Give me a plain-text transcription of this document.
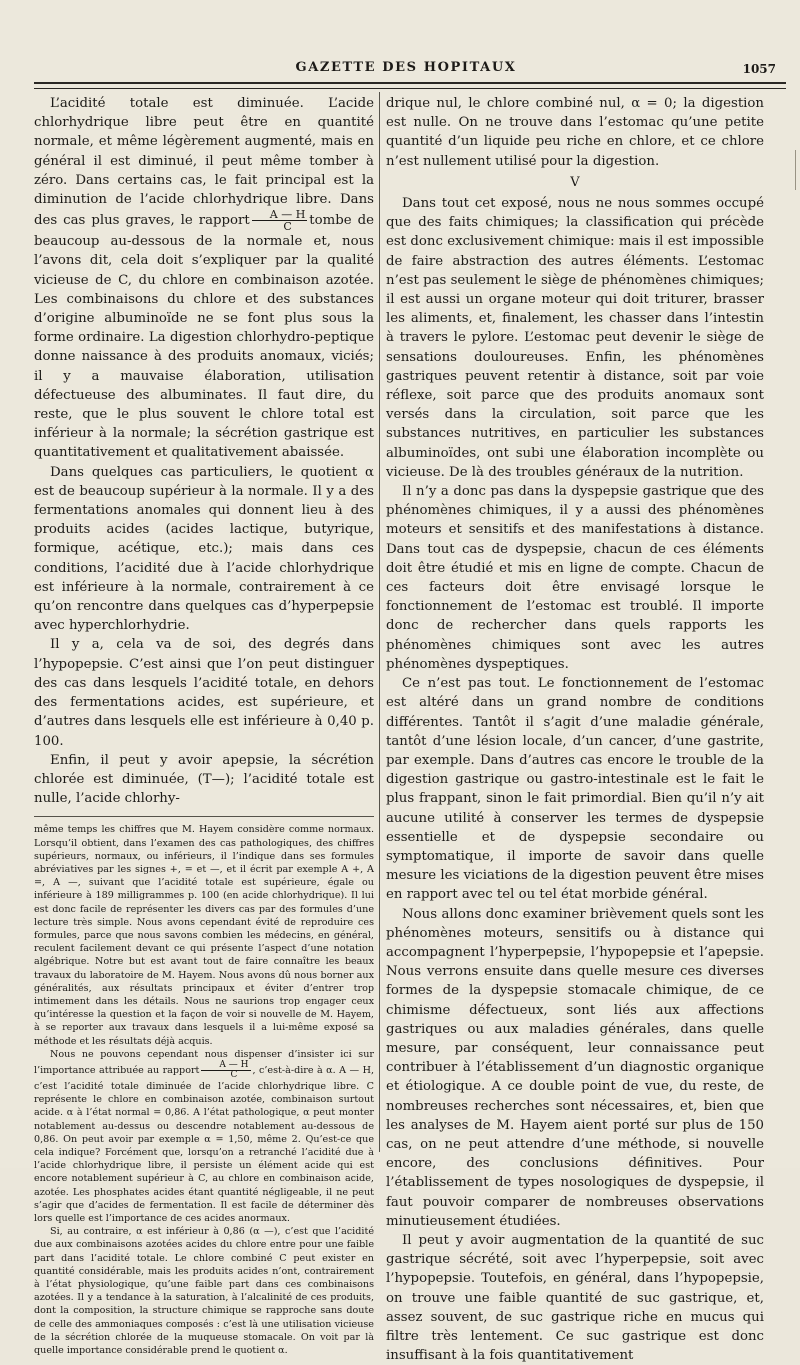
GAZETTE DES HOPITAUX	1057

L’acidité totale est diminuée. L’acide chlorhydrique libre peut être en quantité normale, et même légèrement augmenté, mais en général il est diminué, il peut même tomber à zéro. Dans certains cas, le fait principal est la diminution de l’acide chlorhydrique libre. Dans des cas plus graves, le rapport $\frac{A — H}{C}$ tombe de beaucoup au-dessous de la normale et, nous l’avons dit, cela doit s’expliquer par la qualité vicieuse de C, du chlore en combinaison azotée. Les combinaisons du chlore et des substances d’origine albuminoïde ne se font plus sous la forme ordinaire. La digestion chlorhydro-peptique donne naissance à des produits anomaux, viciés; il y a mauvaise élaboration, utilisation défectueuse des albuminates. Il faut dire, du reste, que le plus souvent le chlore total est inférieur à la normale; la sécrétion gastrique est quantitativement et qualitativement abaissée.

Dans quelques cas particuliers, le quotient α est de beaucoup supérieur à la normale. Il y a des fermentations anomales qui donnent lieu à des produits acides (acides lactique, butyrique, formique, acétique, etc.); mais dans ces conditions, l’acidité due à l’acide chlorhydrique est inférieure à la normale, contrairement à ce qu’on rencontre dans quelques cas d’hyperpepsie avec hyperchlorhydrie.

Il y a, cela va de soi, des degrés dans l’hypopepsie. C’est ainsi que l’on peut distinguer des cas dans lesquels l’acidité totale, en dehors des fermentations acides, est supérieure, et d’autres dans lesquels elle est inférieure à 0,40 p. 100.

Enfin, il peut y avoir apepsie, la sécrétion chlorée est diminuée, (T—); l’acidité totale est nulle, l’acide chlorhy-

même temps les chiffres que M. Hayem considère comme normaux. Lorsqu’il obtient, dans l’examen des cas pathologiques, des chiffres supérieurs, normaux, ou inférieurs, il l’indique dans ses formules abréviatives par les signes +, = et —, et il écrit par exemple A +, A =, A —, suivant que l’acidité totale est supérieure, égale ou inférieure à 189 milligrammes p. 100 (en acide chlorhydrique). Il lui est donc facile de représenter les divers cas par des formules d’une lecture très simple. Nous avons cependant évité de reproduire ces formules, parce que nous savons combien les médecins, en général, reculent facilement devant ce qui présente l’aspect d’une notation algébrique. Notre but est avant tout de faire connaître les beaux travaux du laboratoire de M. Hayem. Nous avons dû nous borner aux généralités, aux résultats principaux et éviter d’entrer trop intimement dans les détails. Nous ne saurions trop engager ceux qu’intéresse la question et la façon de voir si nouvelle de M. Hayem, à se reporter aux travaux dans lesquels il a lui-même exposé sa méthode et les résultats déjà acquis.

Nous ne pouvons cependant nous dispenser d’insister ici sur l’importance attribuée au rapport $\frac{A — H}{C}$ , c’est-à-dire à α. A — H, c’est l’acidité totale diminuée de l’acide chlorhydrique libre. C représente le chlore en combinaison azotée, combinaison surtout acide. α à l’état normal = 0,86. A l’état pathologique, α peut monter notablement au-dessus ou descendre notablement au-dessous de 0,86. On peut avoir par exemple α = 1,50, même 2. Qu’est-ce que cela indique? Forcément que, lorsqu’on a retranché l’acidité due à l’acide chlorhydrique libre, il persiste un élément acide qui est encore notablement supérieur à C, au chlore en combinaison acide, azotée. Les phosphates acides étant quantité négligeable, il ne peut s’agir que d’acides de fermentation. Il est facile de déterminer dès lors quelle est l’importance de ces acides anormaux.

Si, au contraire, α est inférieur à 0,86 (α —), c’est que l’acidité due aux combinaisons azotées acides du chlore entre pour une faible part dans l’acidité totale. Le chlore combiné C peut exister en quantité considérable, mais les produits acides n’ont, contrairement à l’état physiologique, qu’une faible part dans ces combinaisons azotées. Il y a tendance à la saturation, à l’alcalinité de ces produits, dont la composition, la structure chimique se rapproche sans doute de celle des ammoniaques composés : c’est là une utilisation vicieuse de la sécrétion chlorée de la muqueuse stomacale. On voit par là quelle importance considérable prend le quotient α.

drique nul, le chlore combiné nul, α = 0; la digestion est nulle. On ne trouve dans l’estomac qu’une petite quantité d’un liquide peu riche en chlore, et ce chlore n’est nullement utilisé pour la digestion.

V

Dans tout cet exposé, nous ne nous sommes occupé que des faits chimiques; la classification qui précède est donc exclusivement chimique: mais il est impossible de faire abstraction des autres éléments. L’estomac n’est pas seulement le siège de phénomènes chimiques; il est aussi un organe moteur qui doit triturer, brasser les aliments, et, finalement, les chasser dans l’intestin à travers le pylore. L’estomac peut devenir le siège de sensations douloureuses. Enfin, les phénomènes gastriques peuvent retentir à distance, soit par voie réflexe, soit parce que des produits anomaux sont versés dans la circulation, soit parce que les substances nutritives, en particulier les substances albuminoïdes, ont subi une élaboration incomplète ou vicieuse. De là des troubles généraux de la nutrition.

Il n’y a donc pas dans la dyspepsie gastrique que des phénomènes chimiques, il y a aussi des phénomènes moteurs et sensitifs et des manifestations à distance. Dans tout cas de dyspepsie, chacun de ces éléments doit être étudié et mis en ligne de compte. Chacun de ces facteurs doit être envisagé lorsque le fonctionnement de l’estomac est troublé. Il importe donc de rechercher dans quels rapports les phénomènes chimiques sont avec les autres phénomènes dyspeptiques.

Ce n’est pas tout. Le fonctionnement de l’estomac est altéré dans un grand nombre de conditions différentes. Tantôt il s’agit d’une maladie générale, tantôt d’une lésion locale, d’un cancer, d’une gastrite, par exemple. Dans d’autres cas encore le trouble de la digestion gastrique ou gastro-intestinale est le fait le plus frappant, sinon le fait primordial. Bien qu’il n’y ait aucune utilité à conserver les termes de dyspepsie essentielle et de dyspepsie secondaire ou symptomatique, il importe de savoir dans quelle mesure les viciations de la digestion peuvent être mises en rapport avec tel ou tel état morbide général.

Nous allons donc examiner brièvement quels sont les phénomènes moteurs, sensitifs ou à distance qui accompagnent l’hyperpepsie, l’hypopepsie et l’apepsie. Nous verrons ensuite dans quelle mesure ces diverses formes de la dyspepsie stomacale chimique, de ce chimisme défectueux, sont liés aux affections gastriques ou aux maladies générales, dans quelle mesure, par conséquent, leur connaissance peut contribuer à l’établissement d’un diagnostic organique et étiologique. A ce double point de vue, du reste, de nombreuses recherches sont nécessaires, et, bien que les analyses de M. Hayem aient porté sur plus de 150 cas, on ne peut attendre d’une méthode, si nouvelle encore, des conclusions définitives. Pour l’établissement de types nosologiques de dyspepsie, il faut pouvoir comparer de nombreuses observations minutieusement étudiées.

Il peut y avoir augmentation de la quantité de suc gastrique sécrété, soit avec l’hyperpepsie, soit avec l’hypopepsie. Toutefois, en général, dans l’hypopepsie, on trouve une faible quantité de suc gastrique, et, assez souvent, de suc gastrique riche en mucus qui filtre très lentement. Ce suc gastrique est donc insuffisant à la fois quantitativement
